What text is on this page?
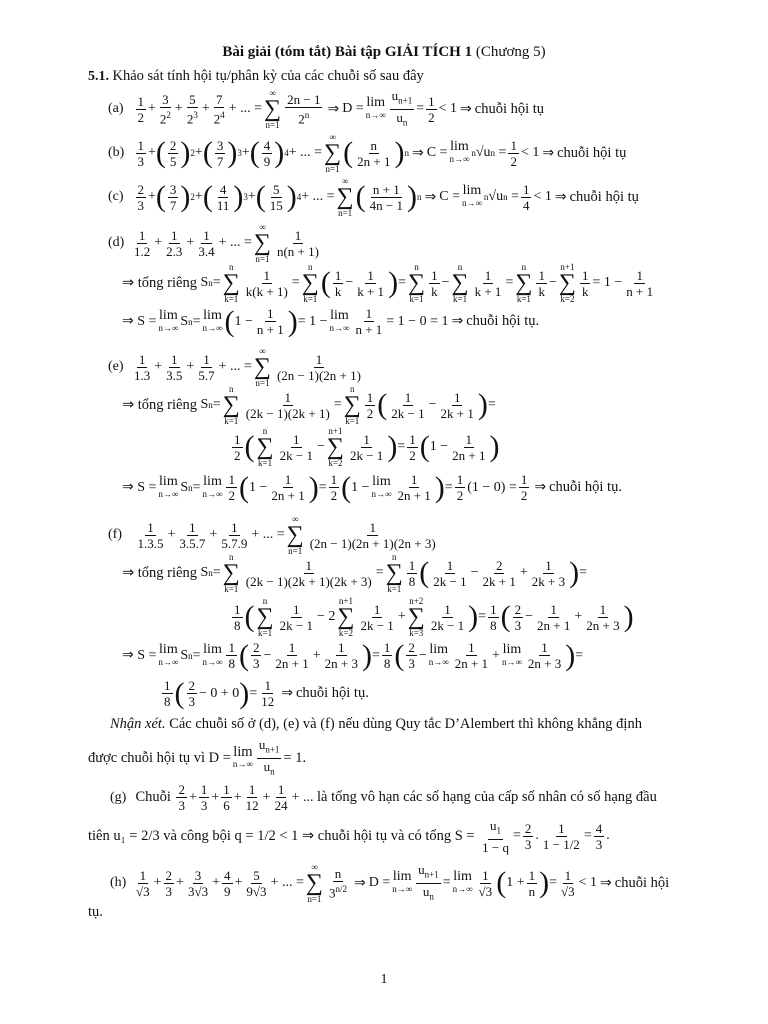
Bài giải (tóm tắt) Bài tập GIẢI TÍCH 1 (Chương 5)
5.1.
Khảo sát tính hội tụ/phân kỳ của các chuỗi số sau đây
(a)
$\frac{1}{2} + \frac{3}{2^2} + \frac{5}{2^3} + \frac{7}{2^4}$ + ... =
∞
∑
$n=1 \frac{2n - 1}{2^n}$ ⇒ D = lim
$n\to\infty \frac{u_{n+1}}{u_n} = \frac{1}{2} < 1$ ⇒ chuỗi hội tụ
(b)
$\frac{1}{3}$ + ( $\frac{2}{5}$ ) 2 + ( $\frac{3}{7}$ ) 3 + ( $\frac{4}{9}$ ) 4 + ... =
∞
∑
n=1 ( $\frac{n}{2n + 1}$ ) n ⇒ C = lim
n→∞
n √u $n = \frac{1}{2} < 1$ ⇒ chuỗi hội tụ
(c)
$\frac{2}{3}$ + ( $\frac{3}{7}$ ) 2 + ( $\frac{4}{11}$ ) 3 + ( $\frac{5}{15}$ ) 4 + ... =
∞
∑
n=1 ( $\frac{n + 1}{4n - 1}$ ) n ⇒ C = lim
n→∞
n √u $n = \frac{1}{4} < 1$ ⇒ chuỗi hội tụ
$(d) \frac{1}{1.2} + \frac{1}{2.3} + \frac{1}{3.4}$ + ... =
∞
∑
n=1
$\frac{1}{n(n + 1)}$
⇒ tổng riêng S n =
n
∑
k=1
$\frac{1}{k(k + 1)}$ =
n
∑
k=1 ( $\frac{1}{k} - \frac{1}{k + 1}$ ) =
n
∑
k=1
$\frac{1}{k}$ −
n
∑
k=1
$\frac{1}{k + 1}$ =
n
∑
k=1
$\frac{1}{k}$ −
n+1
∑
k=2
$\frac{1}{k} = 1 - \frac{1}{n + 1}$
⇒ S = lim
n→∞ S n = lim
n→∞ ( $1 - \frac{1}{n + 1}$ ) = 1 − lim
$n\to\infty \frac{1}{n + 1} = 1 - 0 = 1$ ⇒ chuỗi hội tụ.
$(e) \frac{1}{1.3} + \frac{1}{3.5} + \frac{1}{5.7}$ + ... =
∞
∑
n=1
$\frac{1}{(2n - 1)(2n + 1)}$
⇒ tổng riêng S n =
n
∑
k=1
$\frac{1}{(2k - 1)(2k + 1)}$ =
n
∑
k=1
$\frac{1}{2}$ ( $\frac{1}{2k - 1} - \frac{1}{2k + 1}$ ) =
$\frac{1}{2}$ ( n
∑
k=1
$\frac{1}{2k - 1}$ −
n+1
∑
k=2
$\frac{1}{2k - 1}$ ) = $\frac{1}{2}$ ( $1 - \frac{1}{2n + 1}$ )
⇒ S = lim
n→∞ S n = lim
$n\to\infty \frac{1}{2}$ ( $1 - \frac{1}{2n + 1}$ ) = $\frac{1}{2}$ ( 1 − lim
$n\to\infty \frac{1}{2n + 1}$ ) = $\frac{1}{2} (1 - 0) = \frac{1}{2}$ ⇒ chuỗi hội tụ.
(f)
	$\frac{1}{1.3.5} + \frac{1}{3.5.7} + \frac{1}{5.7.9}$ + ... =
∞
∑
n=1
$\frac{1}{(2n - 1)(2n + 1)(2n + 3)}$
⇒ tổng riêng S n =
n
∑
k=1
$\frac{1}{(2k - 1)(2k + 1)(2k + 3)}$ =
n
∑
k=1
$\frac{1}{8}$ ( $\frac{1}{2k - 1} - \frac{2}{2k + 1} + \frac{1}{2k + 3}$ ) =
$\frac{1}{8}$ ( n
∑
k=1
$\frac{1}{2k - 1} - 2$
n+1
∑
k=2
$\frac{1}{2k - 1}$ +
n+2
∑
k=3
$\frac{1}{2k - 1}$ ) = $\frac{1}{8}$ ( $\frac{2}{3} - \frac{1}{2n + 1} + \frac{1}{2n + 3}$ )
⇒ S = lim
n→∞ S n = lim
$n\to\infty \frac{1}{8}$ ( $\frac{2}{3} - \frac{1}{2n + 1} + \frac{1}{2n + 3}$ ) = $\frac{1}{8}$ ( $\frac{2}{3} - \lim$
$n\to\infty \frac{1}{2n + 1} + \lim$
$n\to\infty \frac{1}{2n + 3}$ ) =
$\frac{1}{8}$ ( $\frac{2}{3} - 0 + 0$ ) = $\frac{1}{12}$ ⇒ chuỗi hội tụ.
Nhận xét. Các chuỗi số ở (d), (e) và (f) nếu dùng Quy tắc D’Alembert thì không khẳng định
được chuỗi hội tụ vì D = lim
$n\to\infty \frac{u_{n+1}}{u_n} = 1$.
(g)
Chuỗi
$\frac{2}{3} + \frac{1}{3} + \frac{1}{6} + \frac{1}{12} + \frac{1}{24}$ + ... là tổng vô hạn các số hạng của cấp số nhân có số hạng đầu
tiên u₁ = 2/3 và công bội q = 1/2 < 1 ⇒ chuỗi hội tụ và có tổng S =
$\frac{u_1}{1 - q} = \frac{2}{3}$ . $\frac{1}{1 - 1/2} = \frac{4}{3}$ .
$(h) \frac{1}{√3} + \frac{2}{3} + \frac{3}{3√3} + \frac{4}{9} + \frac{5}{9√3}$ + ... =
∞
∑
$n=1 \frac{n}{3^{n/2}}$ ⇒ D = lim
$n\to\infty \frac{u_{n+1}}{u_n} = \lim$
$n\to\infty \frac{1}{√3}$ ( $1 + \frac{1}{n}$ ) = $\frac{1}{√3} < 1$ ⇒ chuỗi hội
tụ.
1
